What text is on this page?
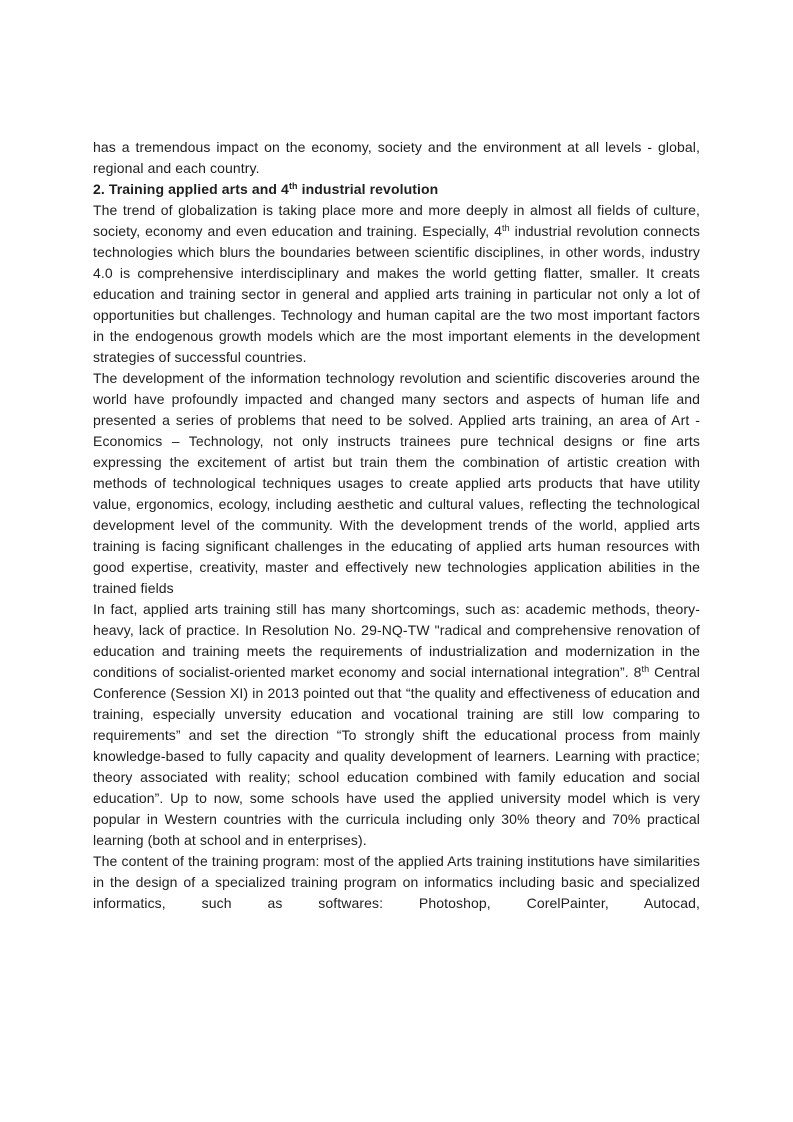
has a tremendous impact on the economy, society and the environment at all levels - global, regional and each country.

2. Training applied arts and 4th industrial revolution

The trend of globalization is taking place more and more deeply in almost all fields of culture, society, economy and even education and training. Especially, 4th industrial revolution connects technologies which blurs the boundaries between scientific disciplines, in other words, industry 4.0 is comprehensive interdisciplinary and makes the world getting flatter, smaller. It creats education and training sector in general and applied arts training in particular not only a lot of opportunities but challenges. Technology and human capital are the two most important factors in the endogenous growth models which are the most important elements in the development strategies of successful countries.

The development of the information technology revolution and scientific discoveries around the world have profoundly impacted and changed many sectors and aspects of human life and presented a series of problems that need to be solved. Applied arts training, an area of Art - Economics – Technology, not only instructs trainees pure technical designs or fine arts expressing the excitement of artist but train them the combination of artistic creation with methods of technological techniques usages to create applied arts products that have utility value, ergonomics, ecology, including aesthetic and cultural values, reflecting the technological development level of the community. With the development trends of the world, applied arts training is facing significant challenges in the educating of applied arts human resources with good expertise, creativity, master and effectively new technologies application abilities in the trained fields

In fact, applied arts training still has many shortcomings, such as: academic methods, theory-heavy, lack of practice. In Resolution No. 29-NQ-TW "radical and comprehensive renovation of education and training meets the requirements of industrialization and modernization in the conditions of socialist-oriented market economy and social international integration”. 8th Central Conference (Session XI) in 2013 pointed out that “the quality and effectiveness of education and training, especially unversity education and vocational training are still low comparing to requirements” and set the direction “To strongly shift the educational process from mainly knowledge-based to fully capacity and quality development of learners. Learning with practice; theory associated with reality; school education combined with family education and social education”. Up to now, some schools have used the applied university model which is very popular in Western countries with the curricula including only 30% theory and 70% practical learning (both at school and in enterprises).

The content of the training program: most of the applied Arts training institutions have similarities in the design of a specialized training program on informatics including basic and specialized informatics, such as softwares: Photoshop, CorelPainter, Autocad,
